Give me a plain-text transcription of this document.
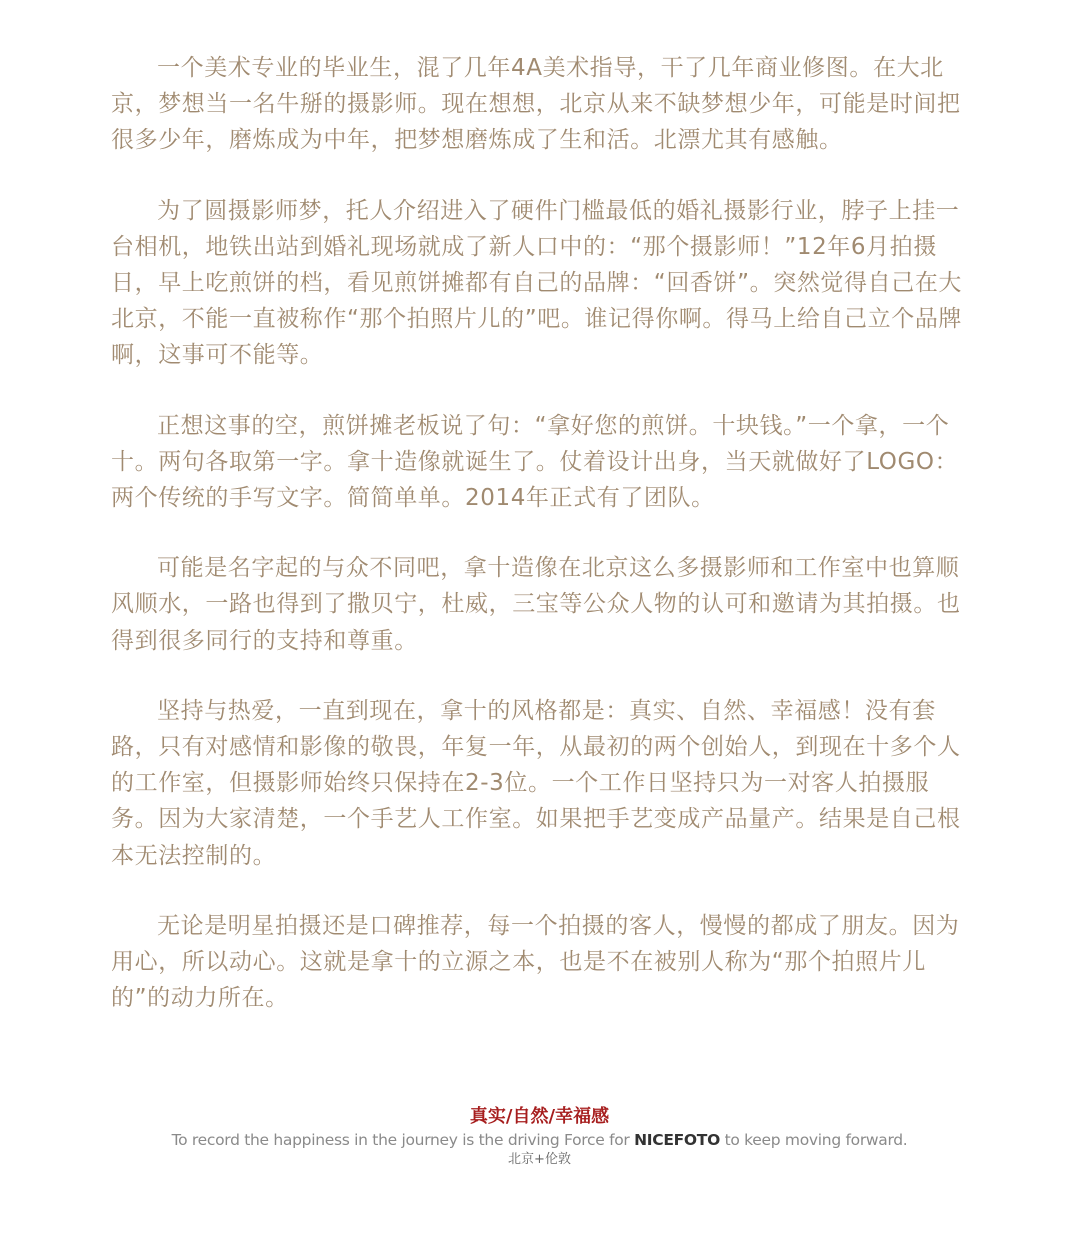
一个美术专业的毕业生，混了几年4A美术指导，干了几年商业修图。在大北京，梦想当一名牛掰的摄影师。现在想想，北京从来不缺梦想少年，可能是时间把很多少年，磨炼成为中年，把梦想磨炼成了生和活。北漂尤其有感触。

为了圆摄影师梦，托人介绍进入了硬件门槛最低的婚礼摄影行业，脖子上挂一台相机，地铁出站到婚礼现场就成了新人口中的：“那个摄影师！”12年6月拍摄日，早上吃煎饼的档，看见煎饼摊都有自己的品牌：“回香饼”。突然觉得自己在大北京，不能一直被称作“那个拍照片儿的”吧。谁记得你啊。得马上给自己立个品牌啊，这事可不能等。

正想这事的空，煎饼摊老板说了句：“拿好您的煎饼。十块钱。”一个拿，一个十。两句各取第一字。拿十造像就诞生了。仗着设计出身，当天就做好了LOGO：两个传统的手写文字。简简单单。2014年正式有了团队。

可能是名字起的与众不同吧，拿十造像在北京这么多摄影师和工作室中也算顺风顺水，一路也得到了撒贝宁，杜威，三宝等公众人物的认可和邀请为其拍摄。也得到很多同行的支持和尊重。

坚持与热爱，一直到现在，拿十的风格都是：真实、自然、幸福感！没有套路，只有对感情和影像的敬畏，年复一年，从最初的两个创始人，到现在十多个人的工作室，但摄影师始终只保持在2-3位。一个工作日坚持只为一对客人拍摄服务。因为大家清楚，一个手艺人工作室。如果把手艺变成产品量产。结果是自己根本无法控制的。

无论是明星拍摄还是口碑推荐，每一个拍摄的客人，慢慢的都成了朋友。因为用心，所以动心。这就是拿十的立源之本，也是不在被别人称为“那个拍照片儿的”的动力所在。

真实/自然/幸福感

To record the happiness in the journey is the driving Force for NICEFOTO to keep moving forward.

北京+伦敦
